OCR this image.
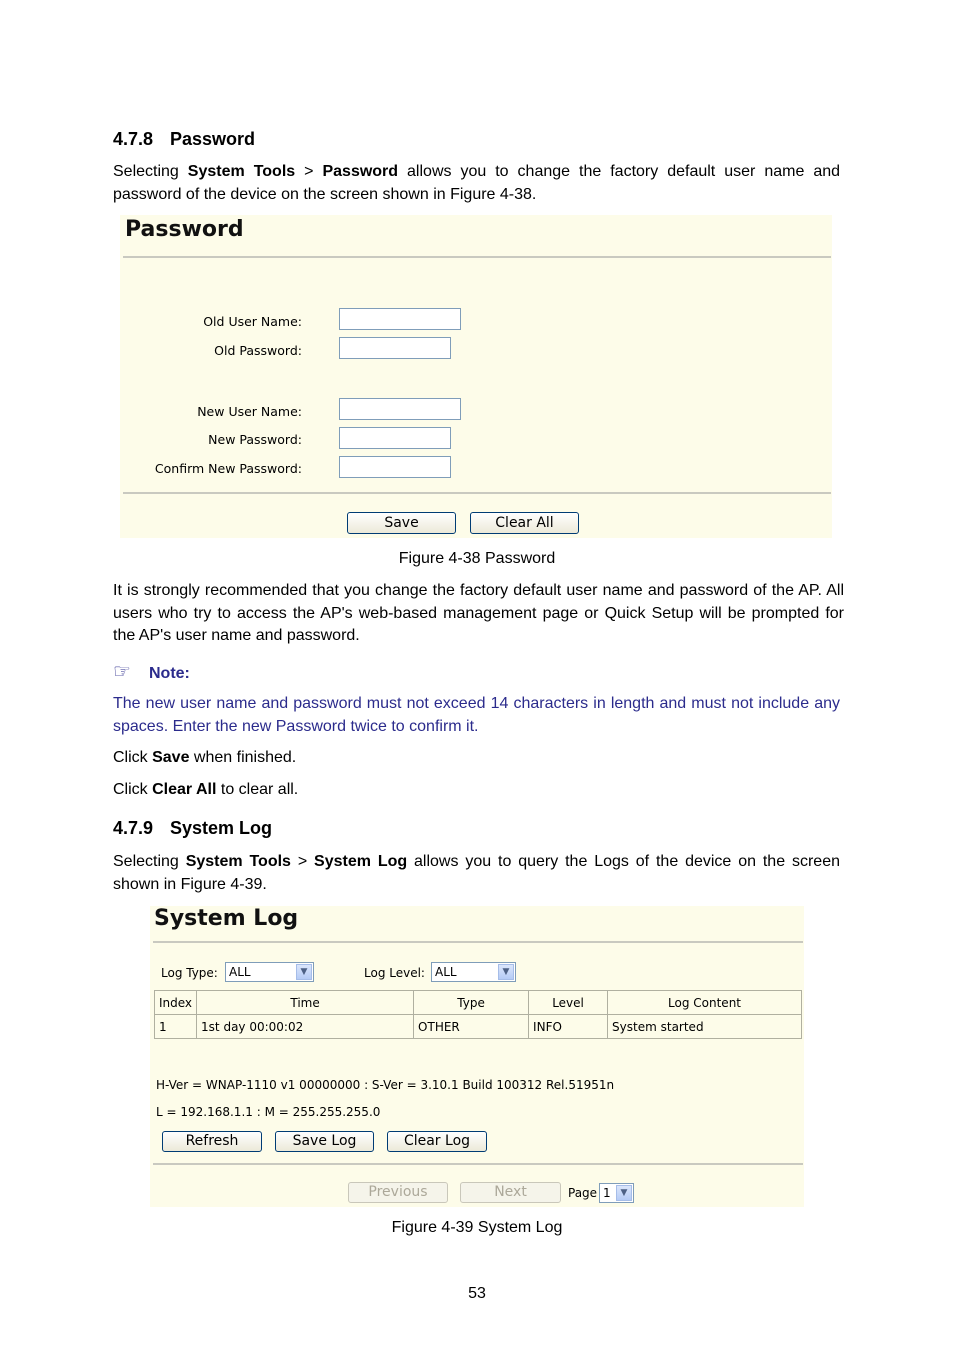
4.7.8 Password

Selecting System Tools > Password allows you to change the factory default user name and password of the device on the screen shown in Figure 4-38.

Password
Old User Name:
Old Password:
New User Name:
New Password:
Confirm New Password:
Save	Clear All
Figure 4-38 Password

It is strongly recommended that you change the factory default user name and password of the AP. All users who try to access the AP's web-based management page or Quick Setup will be prompted for the AP's user name and password.

☞ Note:

The new user name and password must not exceed 14 characters in length and must not include any spaces. Enter the new Password twice to confirm it.

Click Save when finished.

Click Clear All to clear all.

4.7.9 System Log

Selecting System Tools > System Log allows you to query the Logs of the device on the screen shown in Figure 4-39.

System Log
Log Type: ALL	▼	Log Level: ALL	▼
Index	Time	Type	Level	Log Content
1	1st day 00:00:02	OTHER	INFO	System started
H-Ver = WNAP-1110 v1 00000000 : S-Ver = 3.10.1 Build 100312 Rel.51951n
L = 192.168.1.1 : M = 255.255.255.0
Refresh	Save Log	Clear Log
Previous	Next	Page 1	▼
Figure 4-39 System Log
53
